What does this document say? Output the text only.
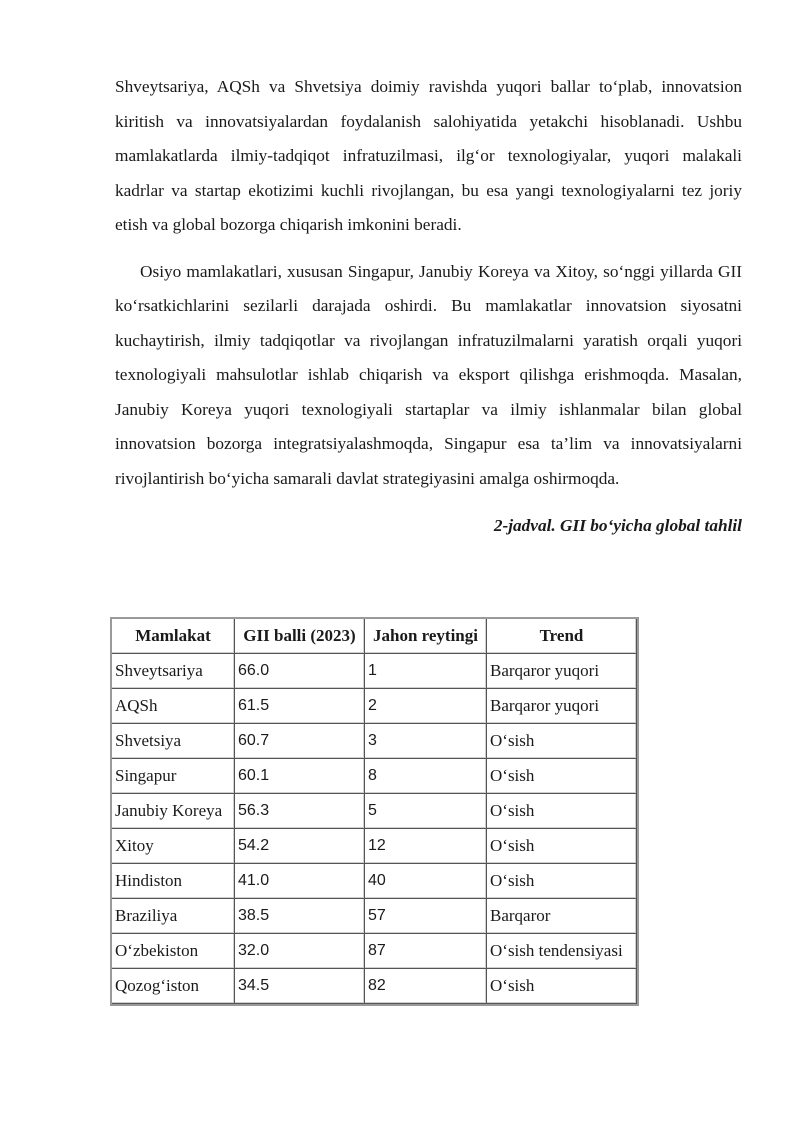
Shveytsariya, AQSh va Shvetsiya doimiy ravishda yuqori ballar to‘plab, innovatsion kiritish va innovatsiyalardan foydalanish salohiyatida yetakchi hisoblanadi. Ushbu mamlakatlarda ilmiy-tadqiqot infratuzilmasi, ilg‘or texnologiyalar, yuqori malakali kadrlar va startap ekotizimi kuchli rivojlangan, bu esa yangi texnologiyalarni tez joriy etish va global bozorga chiqarish imkonini beradi.

Osiyo mamlakatlari, xususan Singapur, Janubiy Koreya va Xitoy, so‘nggi yillarda GII ko‘rsatkichlarini sezilarli darajada oshirdi. Bu mamlakatlar innovatsion siyosatni kuchaytirish, ilmiy tadqiqotlar va rivojlangan infratuzilmalarni yaratish orqali yuqori texnologiyali mahsulotlar ishlab chiqarish va eksport qilishga erishmoqda. Masalan, Janubiy Koreya yuqori texnologiyali startaplar va ilmiy ishlanmalar bilan global innovatsion bozorga integratsiyalashmoqda, Singapur esa ta’lim va innovatsiyalarni rivojlantirish bo‘yicha samarali davlat strategiyasini amalga oshirmoqda.

2-jadval. GII bo‘yicha global tahlil

Mamlakat	GII balli (2023)	Jahon reytingi	Trend
Shveytsariya	66.0	1	Barqaror yuqori
AQSh	61.5	2	Barqaror yuqori
Shvetsiya	60.7	3	O‘sish
Singapur	60.1	8	O‘sish
Janubiy Koreya	56.3	5	O‘sish
Xitoy	54.2	12	O‘sish
Hindiston	41.0	40	O‘sish
Braziliya	38.5	57	Barqaror
O‘zbekiston	32.0	87	O‘sish tendensiyasi
Qozog‘iston	34.5	82	O‘sish
